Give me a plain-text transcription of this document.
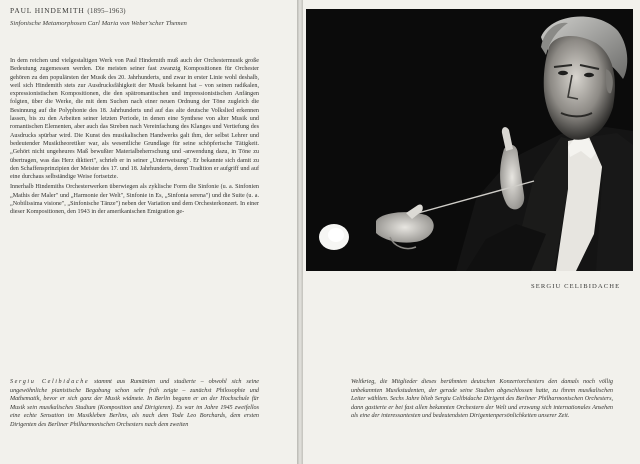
PAUL HINDEMITH (1895–1963)
Sinfonische Metamorphosen Carl Maria von Weber'scher Themen

In dem reichen und vielgestaltigen Werk von Paul Hindemith muß auch der Orchestermusik große Bedeutung zugemessen werden. Die meisten seiner fast zwanzig Kompositionen für Orchester gehören zu den populärsten der Musik des 20. Jahrhunderts, und zwar in erster Linie wohl deshalb, weil sich Hindemith stets zur Ausdrucksfähigkeit der Musik bekannt hat – von seinen radikalen, expressionistischen Kompositionen, die den spätromantischen und impressionistischen Anfängen folgten, über die Werke, die mit dem Suchen nach einer neuen Ordnung der Töne zugleich die Besinnung auf die Polyphonie des 18. Jahrhunderts und auf das alte deutsche Volkslied erkennen lassen, bis zu den Arbeiten seiner letzten Periode, in denen eine Synthese von alter Musik und romantischen Elementen, aber auch das Streben nach Vereinfachung des Klanges und Vertiefung des Ausdrucks spürbar wird. Die Kunst des musikalischen Handwerks galt ihm, der selbst Lehrer und bedeutender Musiktheoretiker war, als wesentliche Grundlage für seine schöpferische Tätigkeit. „Gehört nicht ungeheures Maß bewußter Materialbeherrschung und -anwendung dazu, in Töne zu übertragen, was das Herz diktiert", schrieb er in seiner „Unterweisung". Er bekannte sich damit zu den Schaffensprinzipien der Meister des 17. und 18. Jahrhunderts, deren Tradition er aufgriff und auf eine durchaus selbständige Weise fortsetzte.

Innerhalb Hindemiths Orchesterwerken überwiegen als zyklische Form die Sinfonie (u. a. Sinfonien „Mathis der Maler" und „Harmonie der Welt", Sinfonie in Es, „Sinfonia serena") und die Suite (u. a. „Nobilissima visione", „Sinfonische Tänze") neben der Variation und dem Orchesterkonzert. In einer dieser Kompositionen, den 1943 in der amerikanischen Emigration ge-

Sergiu Celibidache stammt aus Rumänien und studierte – obwohl sich seine ungewöhnliche pianistische Begabung schon sehr früh zeigte – zunächst Philosophie und Mathematik, bevor er sich ganz der Musik widmete. In Berlin begann er an der Hochschule für Musik sein musikalisches Studium (Komposition und Dirigieren). Es war im Jahre 1945 zweifellos eine echte Sensation im Musikleben Berlins, als nach dem Tode Leo Borchards, dem ersten Dirigenten des Berliner Philharmonischen Orchesters nach dem zweiten

SERGIU CELIBIDACHE

Weltkrieg, die Mitglieder dieses berühmten deutschen Konzertorchesters den damals noch völlig unbekannten Musikstudenten, der gerade seine Studien abgeschlossen hatte, zu ihrem musikalischen Leiter wählten. Sechs Jahre blieb Sergiu Celibidache Dirigent des Berliner Philharmonischen Orchesters, dann gastierte er bei fast allen bekannten Orchestern der Welt und erzwang sich internationales Ansehen als eine der interessantesten und bedeutendsten Dirigentenpersönlichkeiten unserer Zeit.
